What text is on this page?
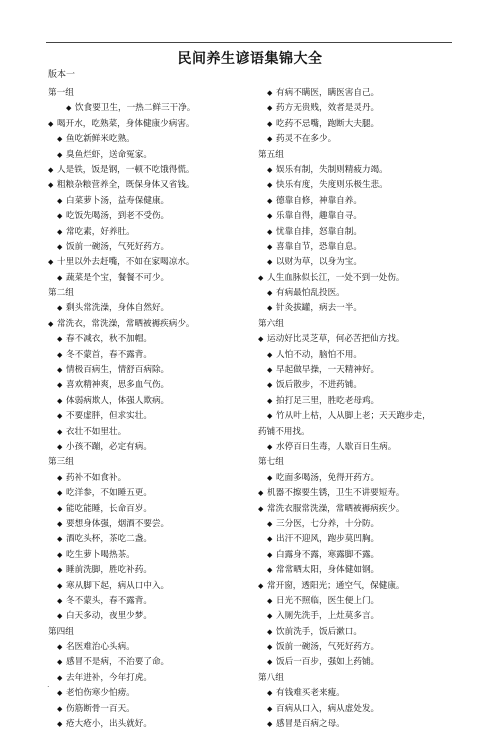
民间养生谚语集锦大全
版本一
第一组
◆ 饮食要卫生，一热二鲜三干净。
◆ 喝开水，吃熟菜，身体健康少病害。
◆ 鱼吃新鲜米吃熟。
◆ 臭鱼烂虾，送命冤家。
◆ 人是铁，饭是钢，一顿不吃饿得慌。
◆ 粗粮杂粮营养全，既保身体又省钱。
◆ 白菜萝卜汤，益寿保健康。
◆ 吃饭先喝汤，到老不受伤。
◆ 常吃素，好养肚。
◆ 饭前一碗汤，气死好药方。
◆ 十里以外去赶嘴，不如在家喝凉水。
◆ 蔬菜是个宝，餐餐不可少。
第二组
◆ 剩头常洗澡，身体自然好。
◆ 常洗衣，常洗澡，常晒被褥疾病少。
◆ 春不减衣，秋不加帽。
◆ 冬不蒙首，春不露背。
◆ 情极百病生，情舒百病除。
◆ 喜欢精神爽，思多血气伤。
◆ 体弱病欺人，体强人欺病。
◆ 不要虚胖，但求实壮。
◆ 衣壮不如里壮。
◆ 小孩不蹦，必定有病。
第三组
◆ 药补不如食补。
◆ 吃洋参，不如睡五更。
◆ 能吃能睡，长命百岁。
◆ 要想身体强，烟酒不要尝。
◆ 酒吃头杯，茶吃二盏。
◆ 吃生萝卜喝热茶。
◆ 睡前洗脚，胜吃补药。
◆ 寒从脚下起，病从口中入。
◆ 冬不蒙头，春不露背。
◆ 白天多动，夜里少梦。
第四组
◆ 名医难治心头病。
◆ 感冒不是病，不治要了命。
◆ 去年进补，今年打虎。
◆ 老怕伤寒少怕痨。
◆ 伤筋断骨一百天。
◆ 疮大疮小，出头就好。
◆ 有病不瞒医，瞒医害自己。
◆ 药方无贵贱，效者是灵丹。
◆ 吃药不忌嘴，跑断大夫腿。
◆ 药灵不在多少。
第五组
◆ 娱乐有制，失制则精疲力竭。
◆ 快乐有度，失度则乐极生悲。
◆ 德靠自修，神靠自养。
◆ 乐靠自得，趣靠自寻。
◆ 忧靠自排，怒靠自制。
◆ 喜靠自节，恐靠自息。
◆ 以财为草，以身为宝。
◆ 人生血脉似长江，一处不到一处伤。
◆ 有病最怕乱投医。
◆ 针灸拔罐，病去一半。
第六组
◆ 运动好比灵芝草，何必苦把仙方找。
◆ 人怕不动，脑怕不用。
◆ 早起做早操，一天精神好。
◆ 饭后散步，不进药铺。
◆ 拍打足三里，胜吃老母鸡。
◆ 竹从叶上枯，人从脚上老；天天跑步走，
药铺不用找。
◆ 水停百日生毒，人歇百日生病。
第七组
◆ 吃面多喝汤，免得开药方。
◆ 机器不擦要生锈，卫生不讲要短寿。
◆ 常洗衣服常洗澡，常晒被褥病疾少。
◆ 三分医，七分养，十分防。
◆ 出汗不迎风，跑步莫凹胸。
◆ 白露身不露，寒露脚不露。
◆ 常常晒太阳，身体健如钢。
◆ 常开窗，透阳光；通空气，保健康。
◆ 日光不照临，医生便上门。
◆ 入厕先洗手，上灶莫多言。
◆ 饮前洗手，饭后漱口。
◆ 饭前一碗汤，气死好药方。
◆ 饭后一百步，强如上药铺。
第八组
◆ 有钱难买老来瘦。
◆ 百病从口入，病从虚处发。
◆ 感冒是百病之母。
.
